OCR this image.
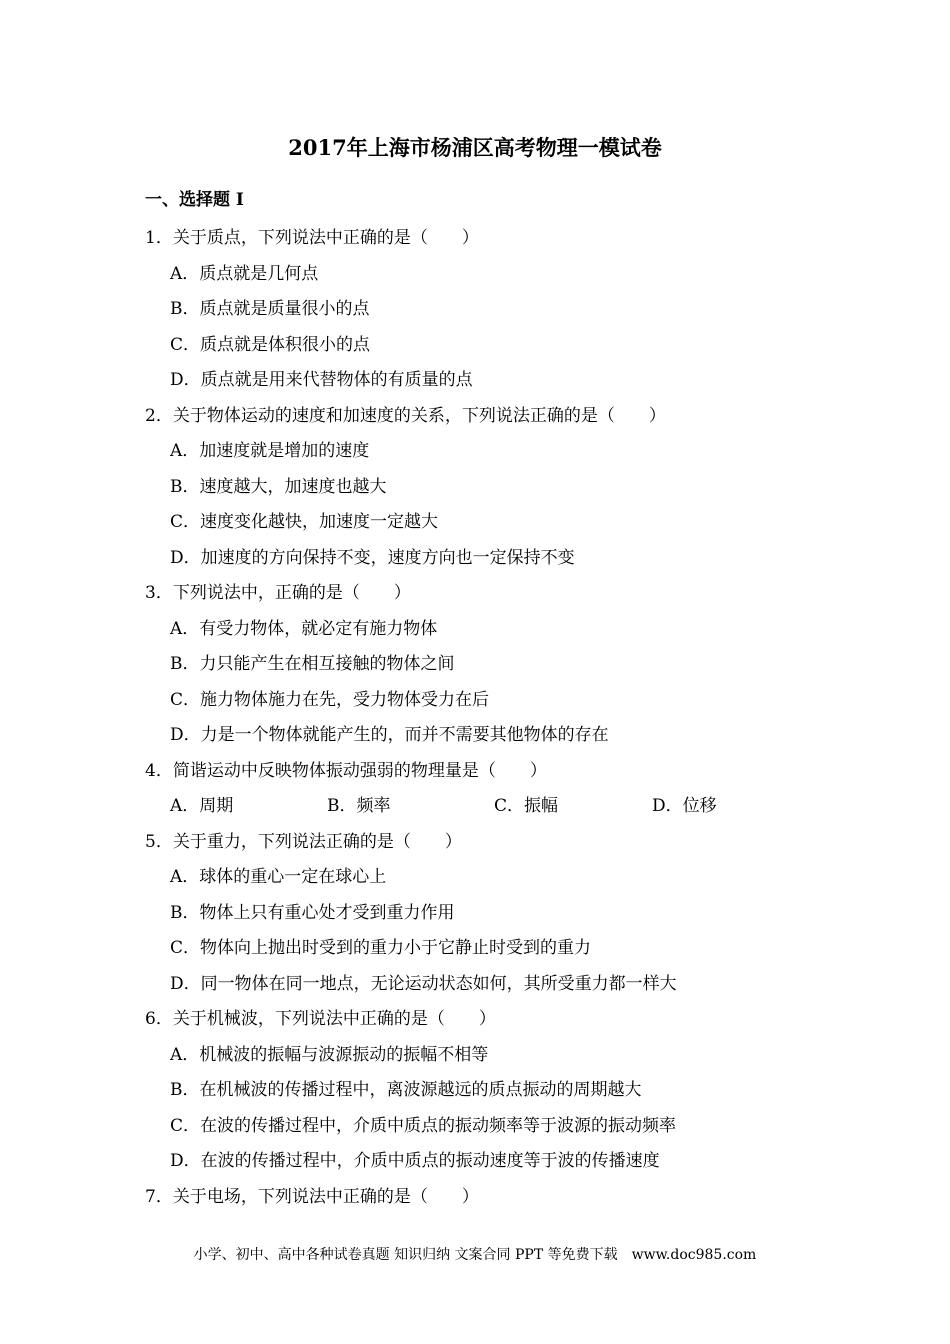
2017年上海市杨浦区高考物理一模试卷
一、选择题 I
1．关于质点，下列说法中正确的是（　　）
A．质点就是几何点
B．质点就是质量很小的点
C．质点就是体积很小的点
D．质点就是用来代替物体的有质量的点
2．关于物体运动的速度和加速度的关系，下列说法正确的是（　　）
A．加速度就是增加的速度
B．速度越大，加速度也越大
C．速度变化越快，加速度一定越大
D．加速度的方向保持不变，速度方向也一定保持不变
3．下列说法中，正确的是（　　）
A．有受力物体，就必定有施力物体
B．力只能产生在相互接触的物体之间
C．施力物体施力在先，受力物体受力在后
D．力是一个物体就能产生的，而并不需要其他物体的存在
4．简谐运动中反映物体振动强弱的物理量是（　　）
A．周期	B．频率	C．振幅	D．位移
5．关于重力，下列说法正确的是（　　）
A．球体的重心一定在球心上
B．物体上只有重心处才受到重力作用
C．物体向上抛出时受到的重力小于它静止时受到的重力
D．同一物体在同一地点，无论运动状态如何，其所受重力都一样大
6．关于机械波，下列说法中正确的是（　　）
A．机械波的振幅与波源振动的振幅不相等
B．在机械波的传播过程中，离波源越远的质点振动的周期越大
C．在波的传播过程中，介质中质点的振动频率等于波源的振动频率
D．在波的传播过程中，介质中质点的振动速度等于波的传播速度
7．关于电场，下列说法中正确的是（　　）
小学、初中、高中各种试卷真题 知识归纳 文案合同 PPT 等免费下载　www.doc985.com
